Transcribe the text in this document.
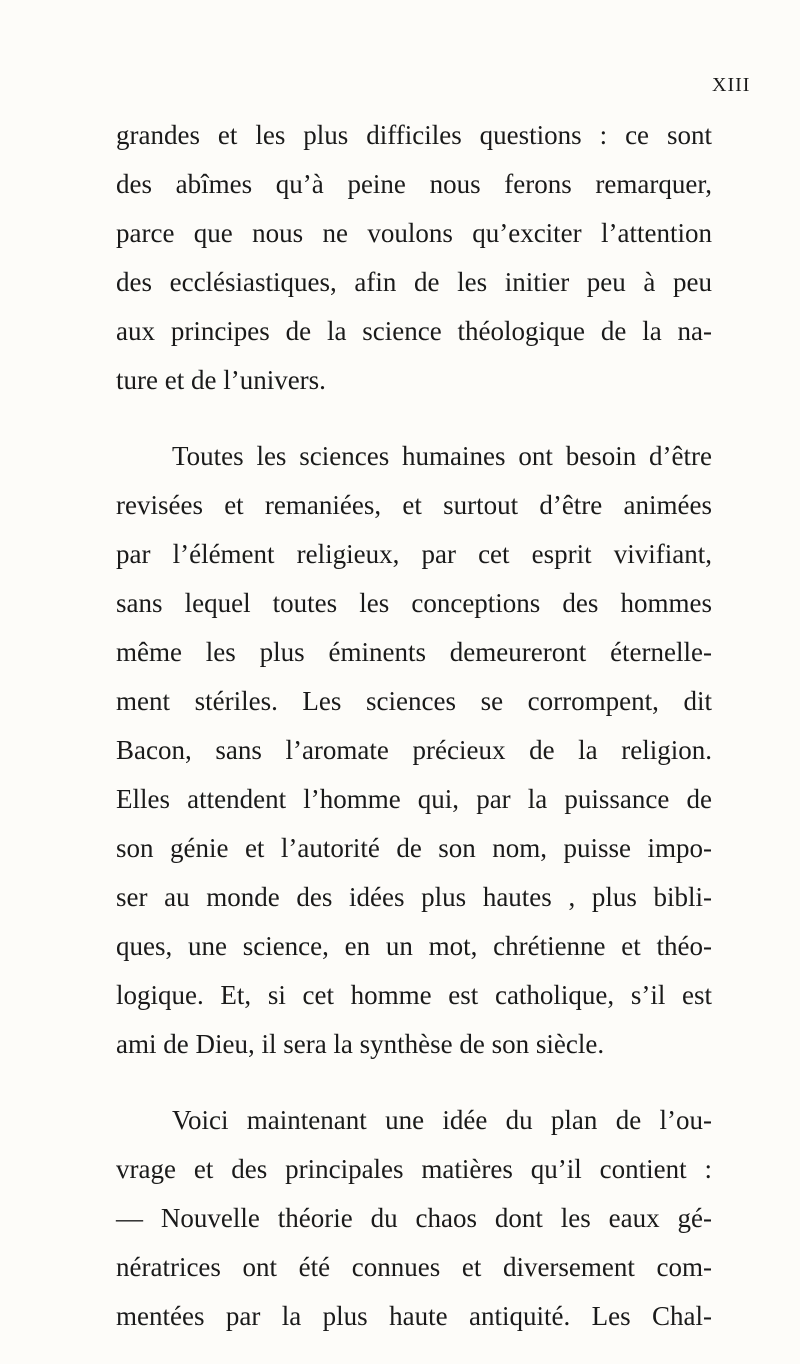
XIII
grandes et les plus difficiles questions : ce sont
des abîmes qu’à peine nous ferons remarquer,
parce que nous ne voulons qu’exciter l’attention
des ecclésiastiques, afin de les initier peu à peu
aux principes de la science théologique de la na-
ture et de l’univers.
Toutes les sciences humaines ont besoin d’être
revisées et remaniées, et surtout d’être animées
par l’élément religieux, par cet esprit vivifiant,
sans lequel toutes les conceptions des hommes
même les plus éminents demeureront éternelle-
ment stériles. Les sciences se corrompent, dit
Bacon, sans l’aromate précieux de la religion.
Elles attendent l’homme qui, par la puissance de
son génie et l’autorité de son nom, puisse impo-
ser au monde des idées plus hautes , plus bibli-
ques, une science, en un mot, chrétienne et théo-
logique. Et, si cet homme est catholique, s’il est
ami de Dieu, il sera la synthèse de son siècle.
Voici maintenant une idée du plan de l’ou-
vrage et des principales matières qu’il contient :
— Nouvelle théorie du chaos dont les eaux gé-
nératrices ont été connues et diversement com-
mentées par la plus haute antiquité. Les Chal-
